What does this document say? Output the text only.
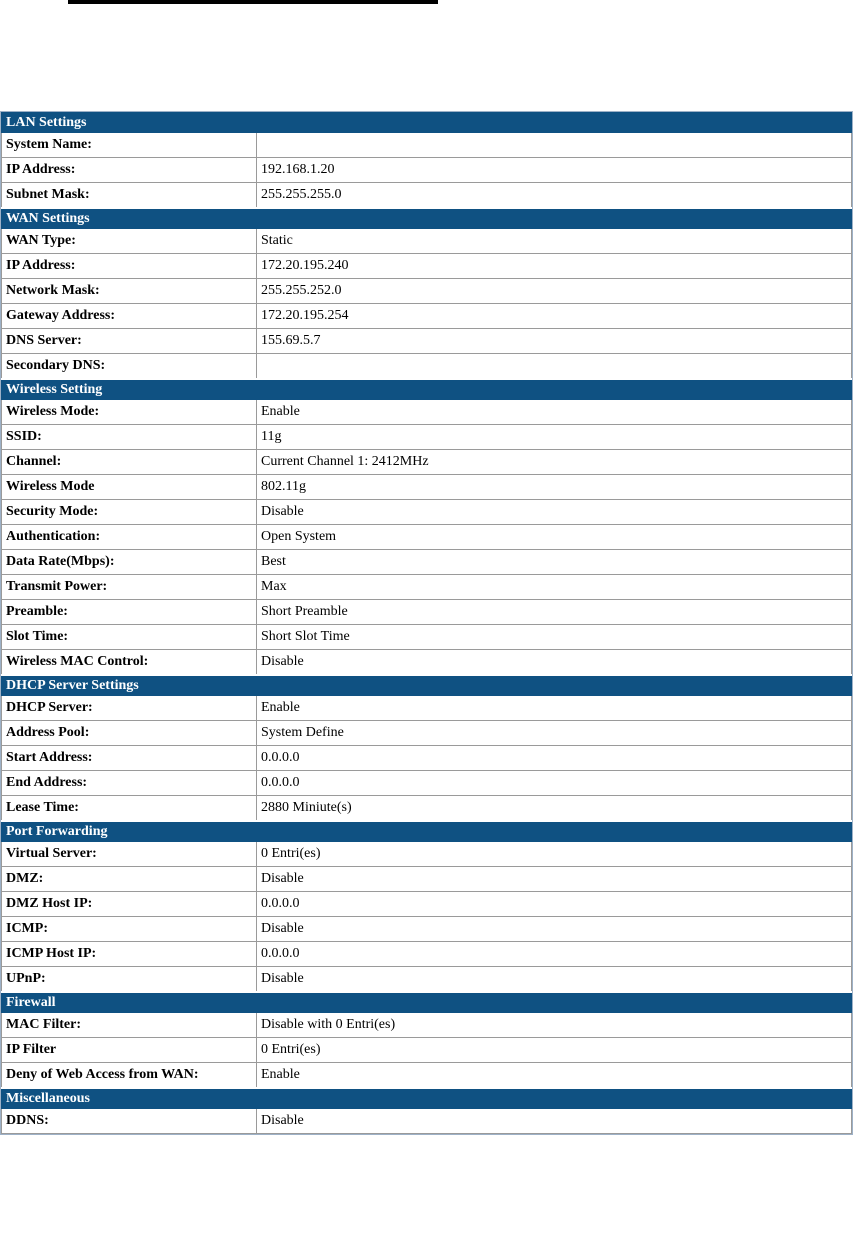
LAN Settings	
System Name:	
IP Address:	192.168.1.20
Subnet Mask:	255.255.255.0
WAN Settings	
WAN Type:	Static
IP Address:	172.20.195.240
Network Mask:	255.255.252.0
Gateway Address:	172.20.195.254
DNS Server:	155.69.5.7
Secondary DNS:	
Wireless Setting	
Wireless Mode:	Enable
SSID:	11g
Channel:	Current Channel 1: 2412MHz
Wireless Mode	802.11g
Security Mode:	Disable
Authentication:	Open System
Data Rate(Mbps):	Best
Transmit Power:	Max
Preamble:	Short Preamble
Slot Time:	Short Slot Time
Wireless MAC Control:	Disable
DHCP Server Settings	
DHCP Server:	Enable
Address Pool:	System Define
Start Address:	0.0.0.0
End Address:	0.0.0.0
Lease Time:	2880 Miniute(s)
Port Forwarding	
Virtual Server:	0 Entri(es)
DMZ:	Disable
DMZ Host IP:	0.0.0.0
ICMP:	Disable
ICMP Host IP:	0.0.0.0
UPnP:	Disable
Firewall	
MAC Filter:	Disable with 0 Entri(es)
IP Filter	0 Entri(es)
Deny of Web Access from WAN:	Enable
Miscellaneous	
DDNS:	Disable
